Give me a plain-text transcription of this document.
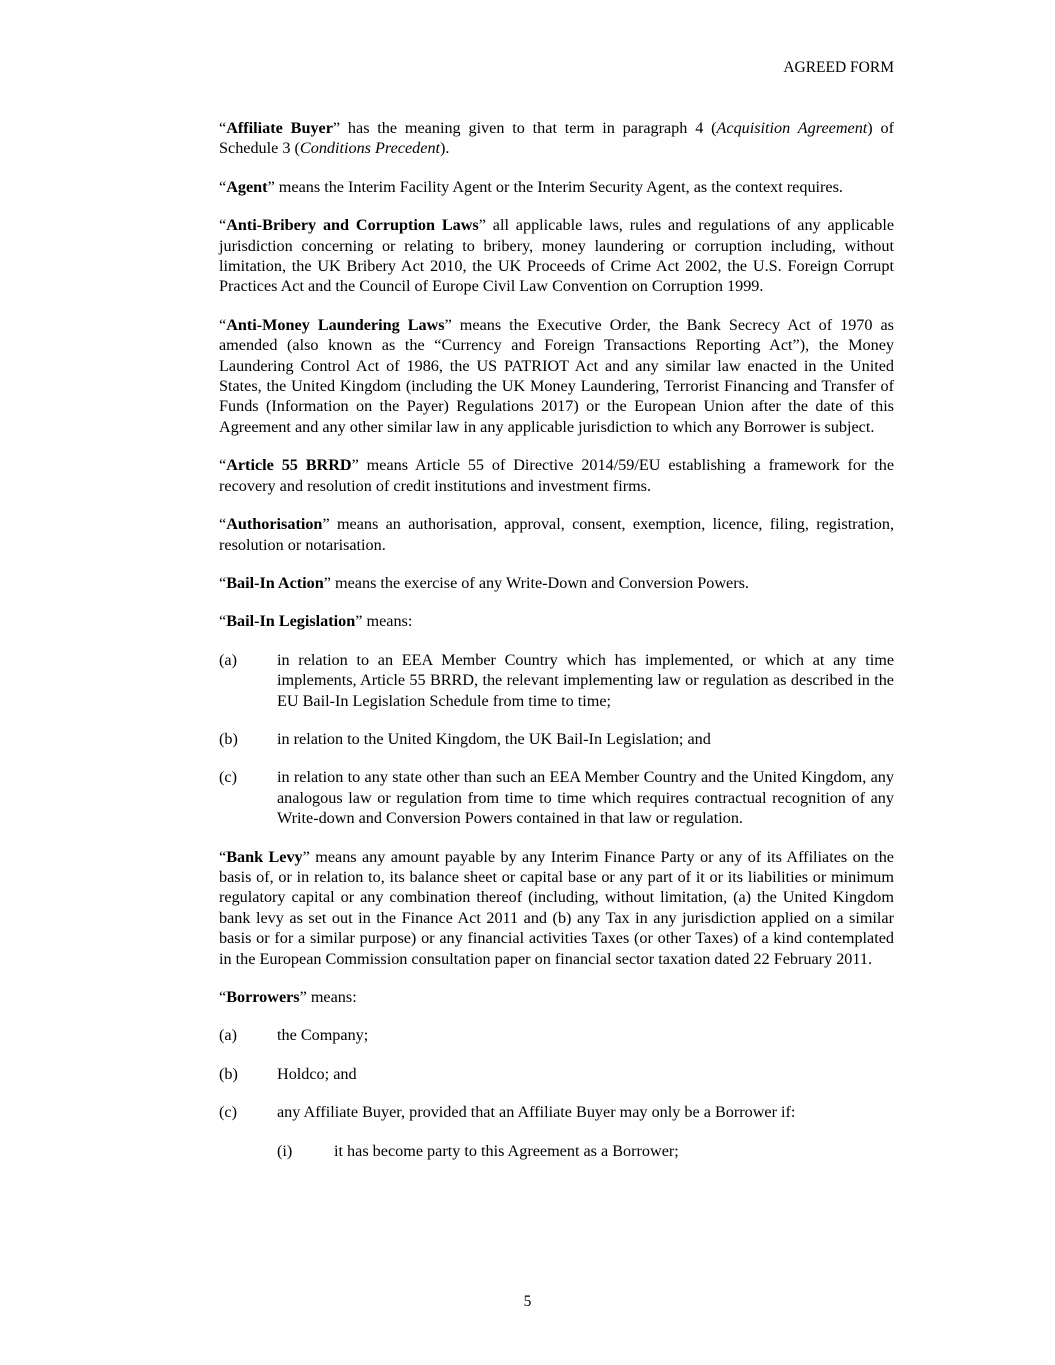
AGREED FORM

“Affiliate Buyer” has the meaning given to that term in paragraph 4 (Acquisition Agreement) of Schedule 3 (Conditions Precedent).

“Agent” means the Interim Facility Agent or the Interim Security Agent, as the context requires.

“Anti-Bribery and Corruption Laws” all applicable laws, rules and regulations of any applicable jurisdiction concerning or relating to bribery, money laundering or corruption including, without limitation, the UK Bribery Act 2010, the UK Proceeds of Crime Act 2002, the U.S. Foreign Corrupt Practices Act and the Council of Europe Civil Law Convention on Corruption 1999.

“Anti-Money Laundering Laws” means the Executive Order, the Bank Secrecy Act of 1970 as amended (also known as the “Currency and Foreign Transactions Reporting Act”), the Money Laundering Control Act of 1986, the US PATRIOT Act and any similar law enacted in the United States, the United Kingdom (including the UK Money Laundering, Terrorist Financing and Transfer of Funds (Information on the Payer) Regulations 2017) or the European Union after the date of this Agreement and any other similar law in any applicable jurisdiction to which any Borrower is subject.

“Article 55 BRRD” means Article 55 of Directive 2014/59/EU establishing a framework for the recovery and resolution of credit institutions and investment firms.

“Authorisation” means an authorisation, approval, consent, exemption, licence, filing, registration, resolution or notarisation.

“Bail-In Action” means the exercise of any Write-Down and Conversion Powers.

“Bail-In Legislation” means:

(a) in relation to an EEA Member Country which has implemented, or which at any time implements, Article 55 BRRD, the relevant implementing law or regulation as described in the EU Bail-In Legislation Schedule from time to time;
(b) in relation to the United Kingdom, the UK Bail-In Legislation; and
(c) in relation to any state other than such an EEA Member Country and the United Kingdom, any analogous law or regulation from time to time which requires contractual recognition of any Write-down and Conversion Powers contained in that law or regulation.

“Bank Levy” means any amount payable by any Interim Finance Party or any of its Affiliates on the basis of, or in relation to, its balance sheet or capital base or any part of it or its liabilities or minimum regulatory capital or any combination thereof (including, without limitation, (a) the United Kingdom bank levy as set out in the Finance Act 2011 and (b) any Tax in any jurisdiction applied on a similar basis or for a similar purpose) or any financial activities Taxes (or other Taxes) of a kind contemplated in the European Commission consultation paper on financial sector taxation dated 22 February 2011.

“Borrowers” means:

(a) the Company;
(b) Holdco; and
(c) any Affiliate Buyer, provided that an Affiliate Buyer may only be a Borrower if:
(i)	it has become party to this Agreement as a Borrower;
5
